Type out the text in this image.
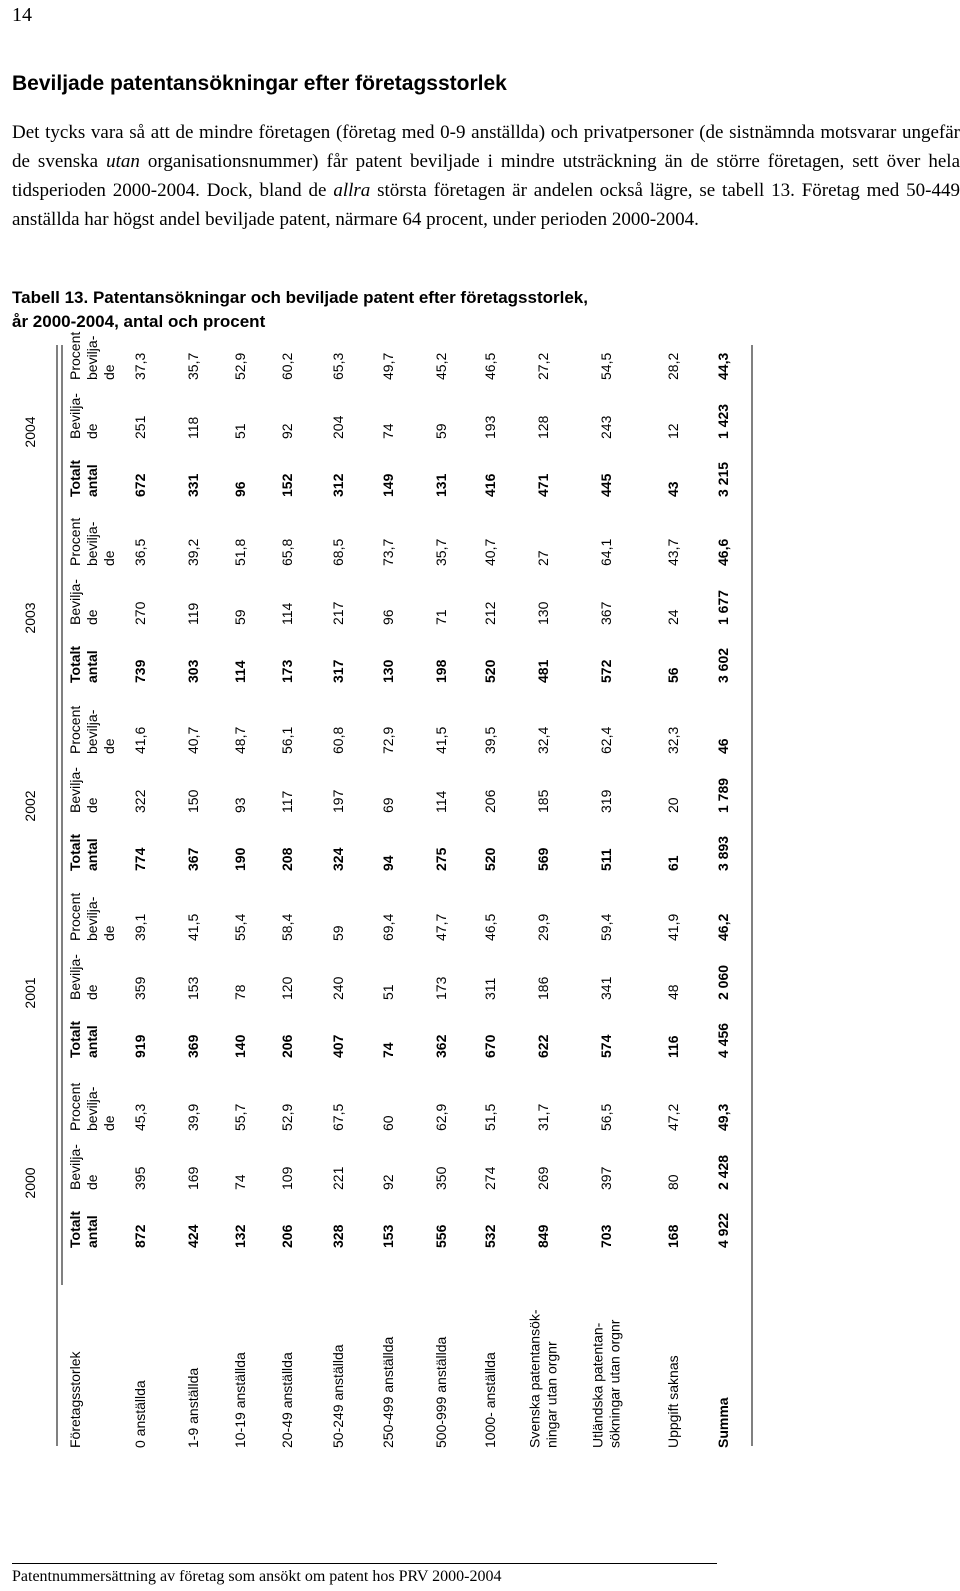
14
Beviljade patentansökningar efter företagsstorlek
Det tycks vara så att de mindre företagen (företag med 0-9 anställda) och privatpersoner (de sistnämnda motsvarar ungefär de svenska utan organisationsnummer) får patent beviljade i mindre utsträckning än de större företagen, sett över hela tidsperioden 2000-2004. Dock, bland de allra största företagen är andelen också lägre, se tabell 13. Företag med 50-449 anställda har högst andel beviljade patent, närmare 64 procent, under perioden 2000-2004.
Tabell 13. Patentansökningar och beviljade patent efter företagsstorlek,
år 2000-2004, antal och procent
Företagsstorlek
2000
2001
2002
2003
2004
Totalt antal
Bevilja- de
Procent bevilja- de
Totalt antal
Bevilja- de
Procent bevilja- de
Totalt antal
Bevilja- de
Procent bevilja- de
Totalt antal
Bevilja- de
Procent bevilja- de
Totalt antal
Bevilja- de
Procent bevilja- de
0 anställda
872
395
45,3
919
359
39,1
774
322
41,6
739
270
36,5
672
251
37,3
1-9 anställda
424
169
39,9
369
153
41,5
367
150
40,7
303
119
39,2
331
118
35,7
10-19 anställda
132
74
55,7
140
78
55,4
190
93
48,7
114
59
51,8
96
51
52,9
20-49 anställda
206
109
52,9
206
120
58,4
208
117
56,1
173
114
65,8
152
92
60,2
50-249 anställda
328
221
67,5
407
240
59
324
197
60,8
317
217
68,5
312
204
65,3
250-499 anställda
153
92
60
74
51
69,4
94
69
72,9
130
96
73,7
149
74
49,7
500-999 anställda
556
350
62,9
362
173
47,7
275
114
41,5
198
71
35,7
131
59
45,2
1000- anställda
532
274
51,5
670
311
46,5
520
206
39,5
520
212
40,7
416
193
46,5
Svenska patentansök- ningar utan orgnr
849
269
31,7
622
186
29,9
569
185
32,4
481
130
27
471
128
27,2
Utländska patentan- sökningar utan orgnr
703
397
56,5
574
341
59,4
511
319
62,4
572
367
64,1
445
243
54,5
Uppgift saknas
168
80
47,2
116
48
41,9
61
20
32,3
56
24
43,7
43
12
28,2
Summa
4 922
2 428
49,3
4 456
2 060
46,2
3 893
1 789
46
3 602
1 677
46,6
3 215
1 423
44,3
Patentnummersättning av företag som ansökt om patent hos PRV 2000-2004
